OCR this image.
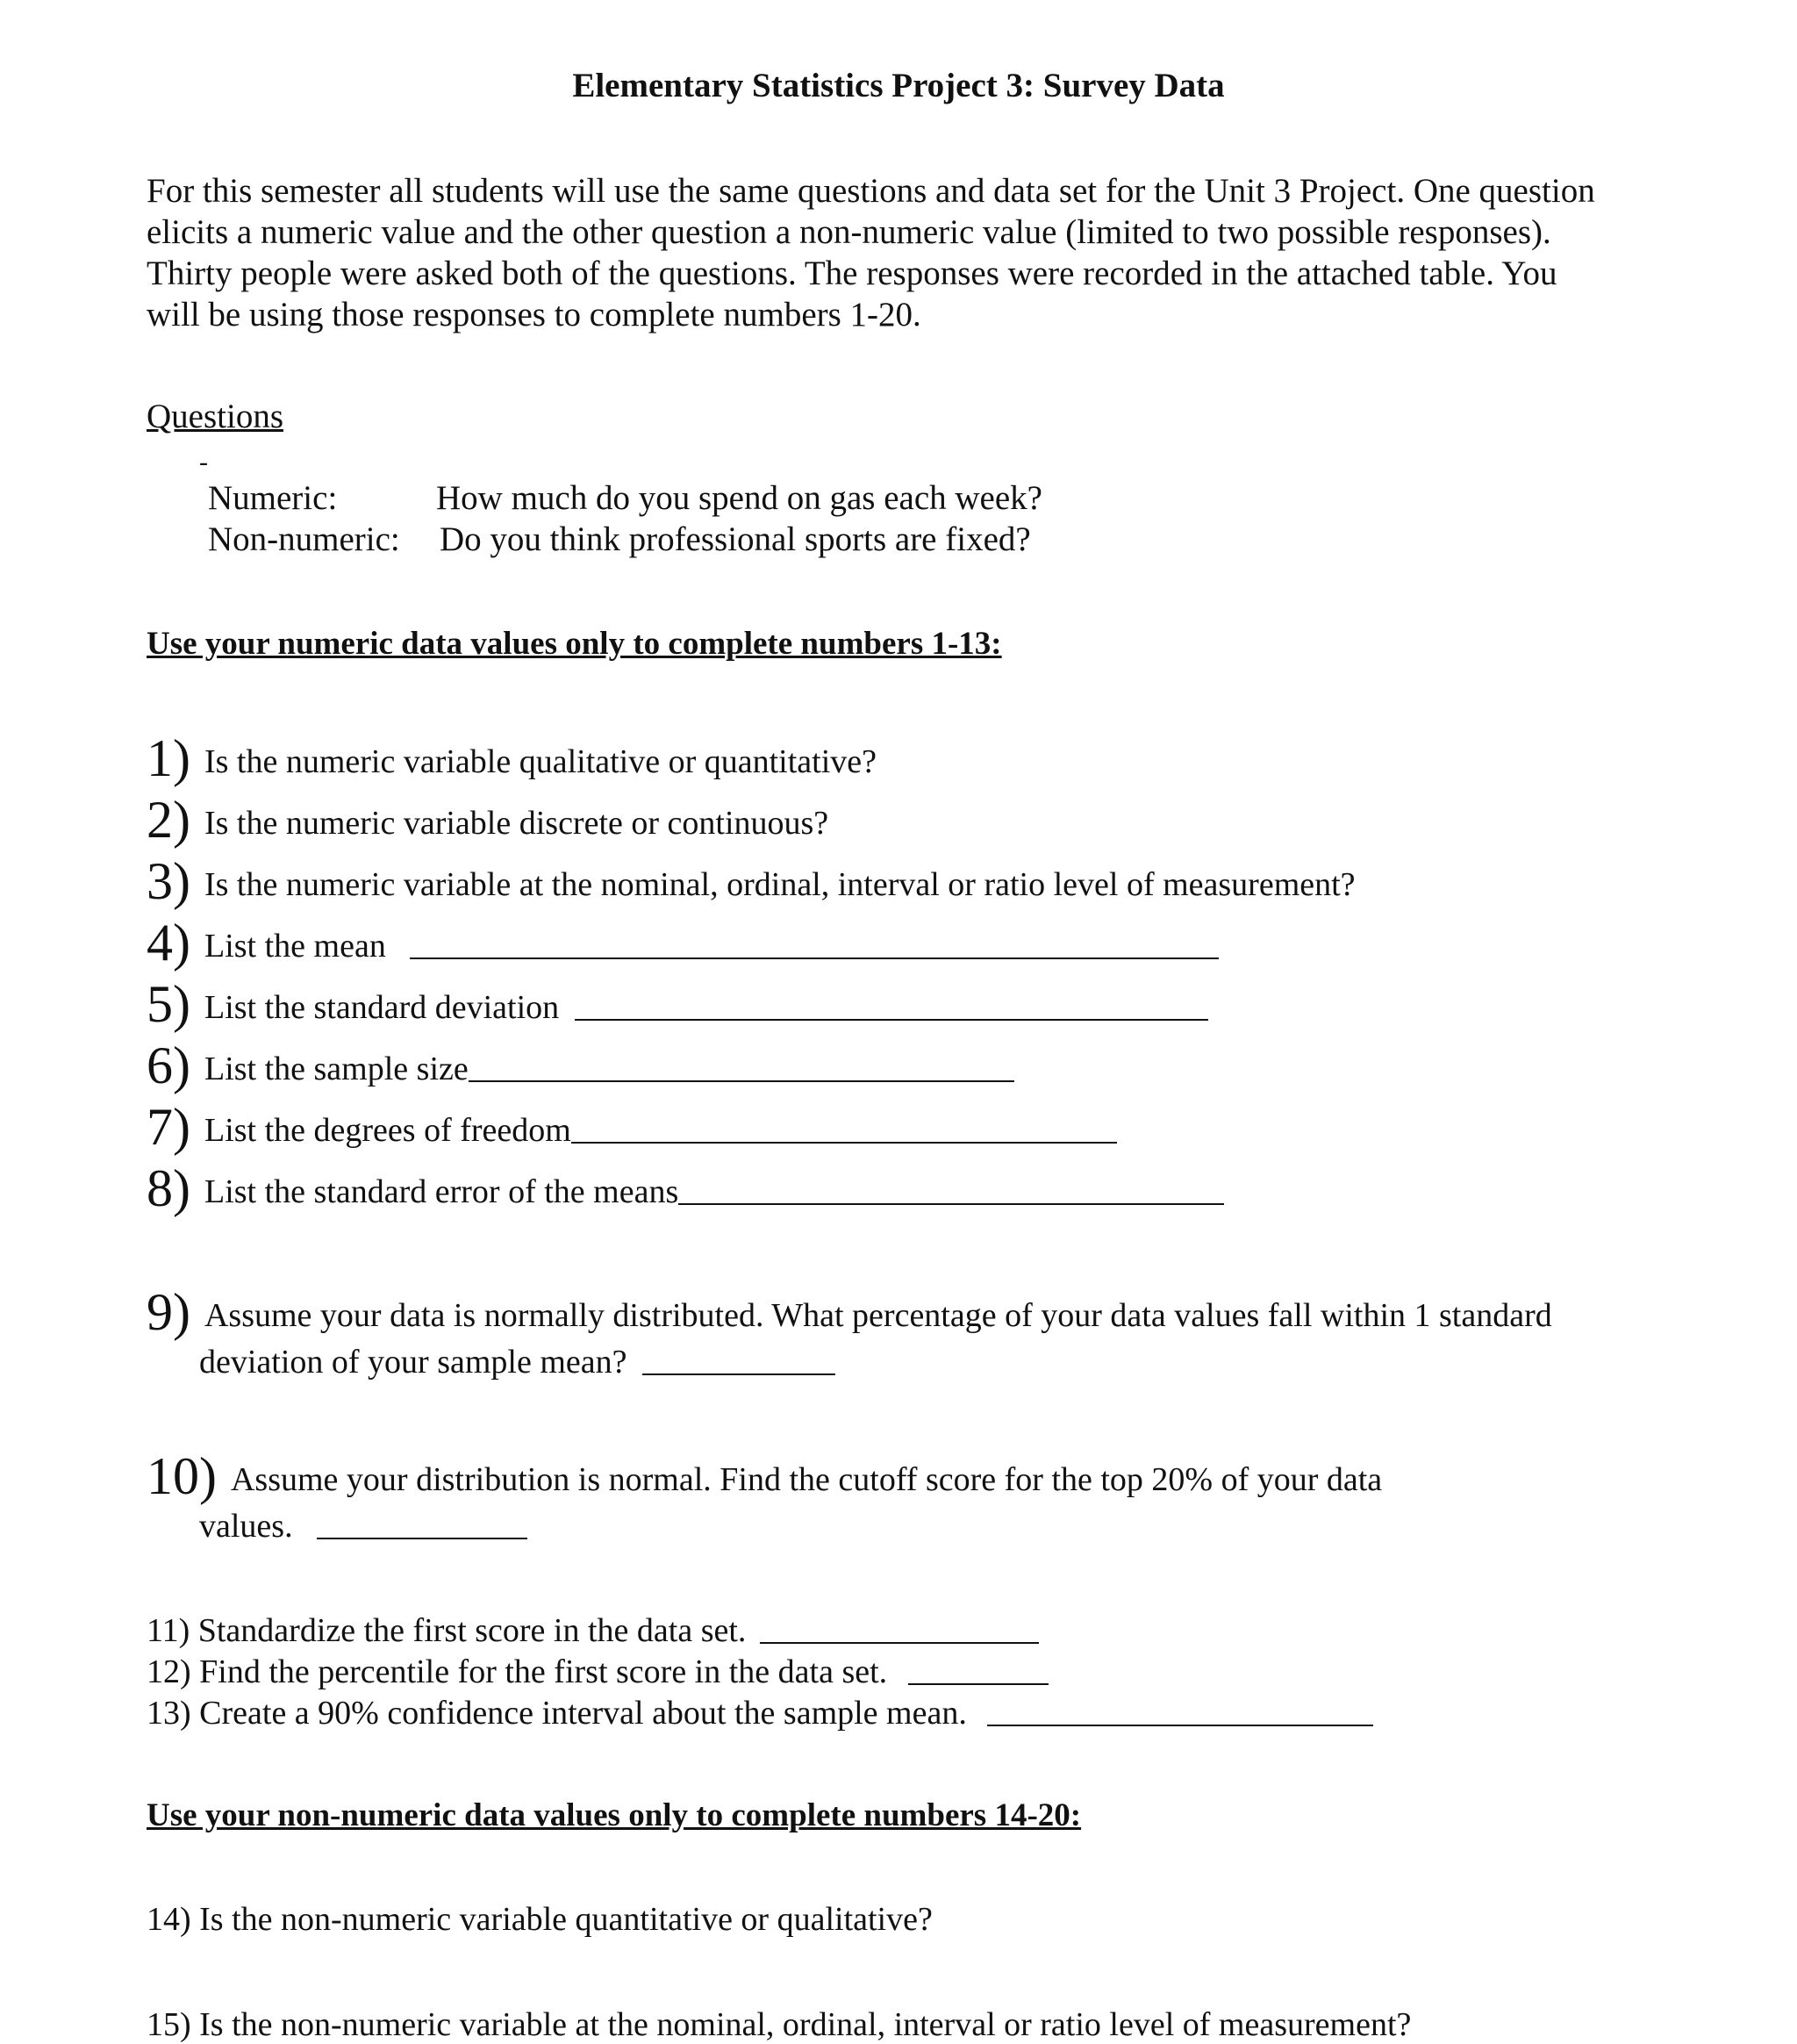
Elementary Statistics Project 3: Survey Data
For this semester all students will use the same questions and data set for the Unit 3 Project. One question
elicits a numeric value and the other question a non-numeric value (limited to two possible responses).
Thirty people were asked both of the questions. The responses were recorded in the attached table. You
will be using those responses to complete numbers 1-20.
Questions
-
Numeric:	How much do you spend on gas each week?
Non-numeric: Do you think professional sports are fixed?
Use your numeric data values only to complete numbers 1-13:
1) Is the numeric variable qualitative or quantitative?
2) Is the numeric variable discrete or continuous?
3) Is the numeric variable at the nominal, ordinal, interval or ratio level of measurement?
4) List the mean
5) List the standard deviation
6) List the sample size
7) List the degrees of freedom
8) List the standard error of the means
9) Assume your data is normally distributed. What percentage of your data values fall within 1 standard
deviation of your sample mean?
10) Assume your distribution is normal. Find the cutoff score for the top 20% of your data
values.
11) Standardize the first score in the data set.
12) Find the percentile for the first score in the data set.
13) Create a 90% confidence interval about the sample mean.
Use your non-numeric data values only to complete numbers 14-20:
14) Is the non-numeric variable quantitative or qualitative?
15) Is the non-numeric variable at the nominal, ordinal, interval or ratio level of measurement?
